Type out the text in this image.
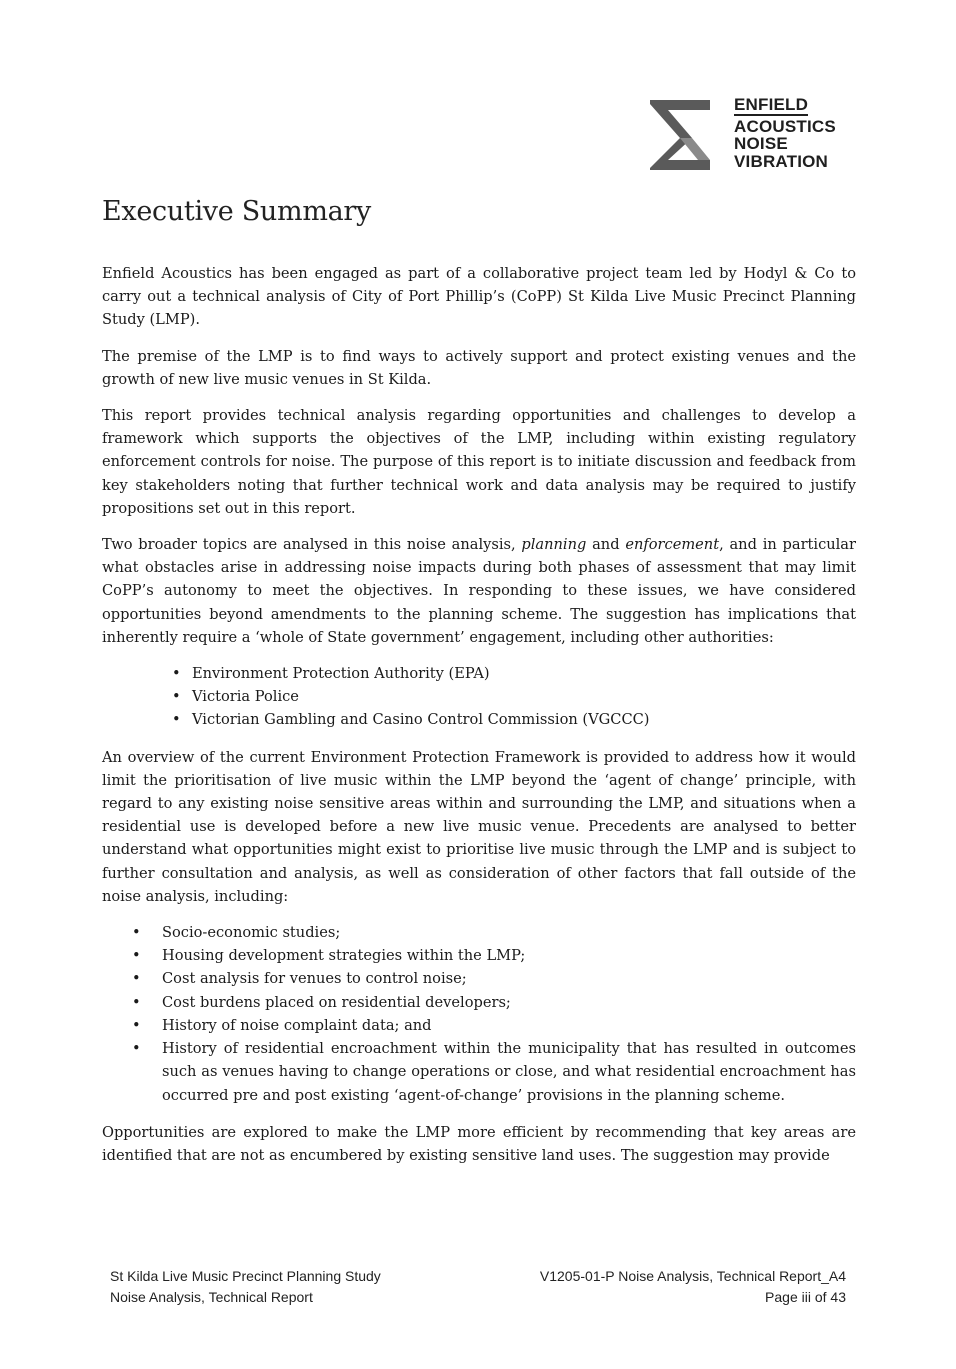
ENFIELD
ACOUSTICS
NOISE
VIBRATION
Executive Summary

Enfield Acoustics has been engaged as part of a collaborative project team led by Hodyl & Co to carry out a technical analysis of City of Port Phillip’s (CoPP) St Kilda Live Music Precinct Planning Study (LMP).

The premise of the LMP is to find ways to actively support and protect existing venues and the growth of new live music venues in St Kilda.

This report provides technical analysis regarding opportunities and challenges to develop a framework which supports the objectives of the LMP, including within existing regulatory enforcement controls for noise. The purpose of this report is to initiate discussion and feedback from key stakeholders noting that further technical work and data analysis may be required to justify propositions set out in this report.

Two broader topics are analysed in this noise analysis, planning and enforcement, and in particular what obstacles arise in addressing noise impacts during both phases of assessment that may limit CoPP’s autonomy to meet the objectives. In responding to these issues, we have considered opportunities beyond amendments to the planning scheme. The suggestion has implications that inherently require a ‘whole of State government’ engagement, including other authorities:

• Environment Protection Authority (EPA)
• Victoria Police
• Victorian Gambling and Casino Control Commission (VGCCC)

An overview of the current Environment Protection Framework is provided to address how it would limit the prioritisation of live music within the LMP beyond the ‘agent of change’ principle, with regard to any existing noise sensitive areas within and surrounding the LMP, and situations when a residential use is developed before a new live music venue. Precedents are analysed to better understand what opportunities might exist to prioritise live music through the LMP and is subject to further consultation and analysis, as well as consideration of other factors that fall outside of the noise analysis, including:

• Socio-economic studies;
• Housing development strategies within the LMP;
• Cost analysis for venues to control noise;
• Cost burdens placed on residential developers;
• History of noise complaint data; and
• History of residential encroachment within the municipality that has resulted in outcomes such as venues having to change operations or close, and what residential encroachment has occurred pre and post existing ‘agent-of-change’ provisions in the planning scheme.

Opportunities are explored to make the LMP more efficient by recommending that key areas are identified that are not as encumbered by existing sensitive land uses. The suggestion may provide

St Kilda Live Music Precinct Planning Study
Noise Analysis, Technical Report
V1205-01-P Noise Analysis, Technical Report_A4
Page iii of 43
